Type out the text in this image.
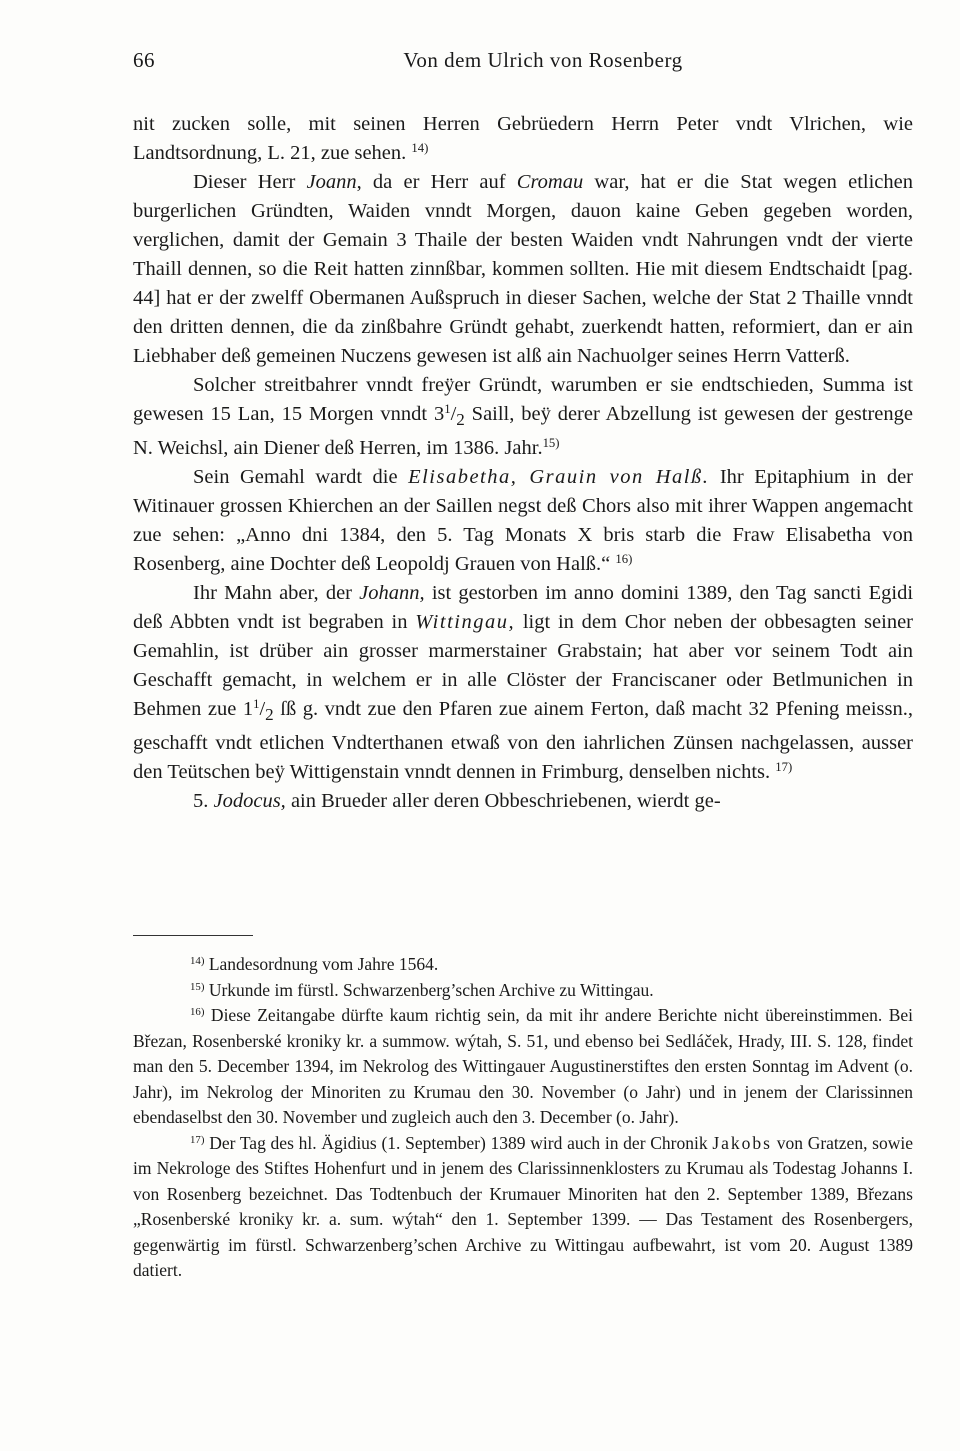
66	Von dem Ulrich von Rosenberg

nit zucken solle, mit seinen Herren Gebrüedern Herrn Peter vndt Vlrichen, wie Landtsordnung, L. 21, zue sehen. $^{14)}$

Dieser Herr Joann, da er Herr auf Cromau war, hat er die Stat wegen etlichen burgerlichen Gründten, Waiden vnndt Morgen, dauon kaine Geben gegeben worden, verglichen, damit der Gemain 3 Thaile der besten Waiden vndt Nahrungen vndt der vierte Thaill dennen, so die Reit hatten zinnßbar, kommen sollten. Hie mit diesem Endtschaidt [pag. 44] hat er der zwelff Obermanen Außspruch in dieser Sachen, welche der Stat 2 Thaille vnndt den dritten dennen, die da zinßbahre Gründt gehabt, zuerkendt hatten, reformiert, dan er ain Liebhaber deß gemeinen Nuczens gewesen ist alß ain Nachuolger seines Herrn Vatterß.

Solcher streitbahrer vnndt freÿer Gründt, warumben er sie endtschieden, Summa ist gewesen 15 Lan, 15 Morgen vnndt $3^1/_2$ Saill, beÿ derer Abzellung ist gewesen der gestrenge N. Weichsl, ain Diener deß Herren, im 1386. Jahr.$^{15)}$

Sein Gemahl wardt die Elisabetha, Grauin von Halß. Ihr Epitaphium in der Witinauer grossen Khierchen an der Saillen negst deß Chors also mit ihrer Wappen angemacht zue sehen: „Anno dni 1384, den 5. Tag Monats X bris starb die Fraw Elisabetha von Rosenberg, aine Dochter deß Leopoldj Grauen von Halß.“ $^{16)}$

Ihr Mahn aber, der Johann, ist gestorben im anno domini 1389, den Tag sancti Egidi deß Abbten vndt ist begraben in Wittingau, ligt in dem Chor neben der obbesagten seiner Gemahlin, ist drüber ain grosser marmerstainer Grabstain; hat aber vor seinem Todt ain Geschafft gemacht, in welchem er in alle Clöster der Franciscaner oder Betlmunichen in Behmen zue $1^1/_2$ ſß g. vndt zue den Pfaren zue ainem Ferton, daß macht 32 Pfening meissn., geschafft vndt etlichen Vndterthanen etwaß von den iahrlichen Zünsen nachgelassen, ausser den Teütschen beÿ Wittigenstain vnndt dennen in Frimburg, denselben nichts. $^{17)}$

5. Jodocus, ain Brueder aller deren Obbeschriebenen, wierdt ge-

$^{14)}$ Landesordnung vom Jahre 1564.

$^{15)}$ Urkunde im fürstl. Schwarzenberg’schen Archive zu Wittingau.

$^{16)}$ Diese Zeitangabe dürfte kaum richtig sein, da mit ihr andere Berichte nicht übereinstimmen. Bei Březan, Rosenberské kroniky kr. a summow. wýtah, S. 51, und ebenso bei Sedláček, Hrady, III. S. 128, findet man den 5. December 1394, im Nekrolog des Wittingauer Augustinerstiftes den ersten Sonntag im Advent (o. Jahr), im Nekrolog der Minoriten zu Krumau den 30. November (o Jahr) und in jenem der Clarissinnen ebendaselbst den 30. November und zugleich auch den 3. December (o. Jahr).

$^{17)}$ Der Tag des hl. Ägidius (1. September) 1389 wird auch in der Chronik Jakobs von Gratzen, sowie im Nekrologe des Stiftes Hohenfurt und in jenem des Clarissinnenklosters zu Krumau als Todestag Johanns I. von Rosenberg bezeichnet. Das Todtenbuch der Krumauer Minoriten hat den 2. September 1389, Březans „Rosenberské kroniky kr. a. sum. wýtah“ den 1. September 1399. — Das Testament des Rosenbergers, gegenwärtig im fürstl. Schwarzenberg’schen Archive zu Wittingau aufbewahrt, ist vom 20. August 1389 datiert.
